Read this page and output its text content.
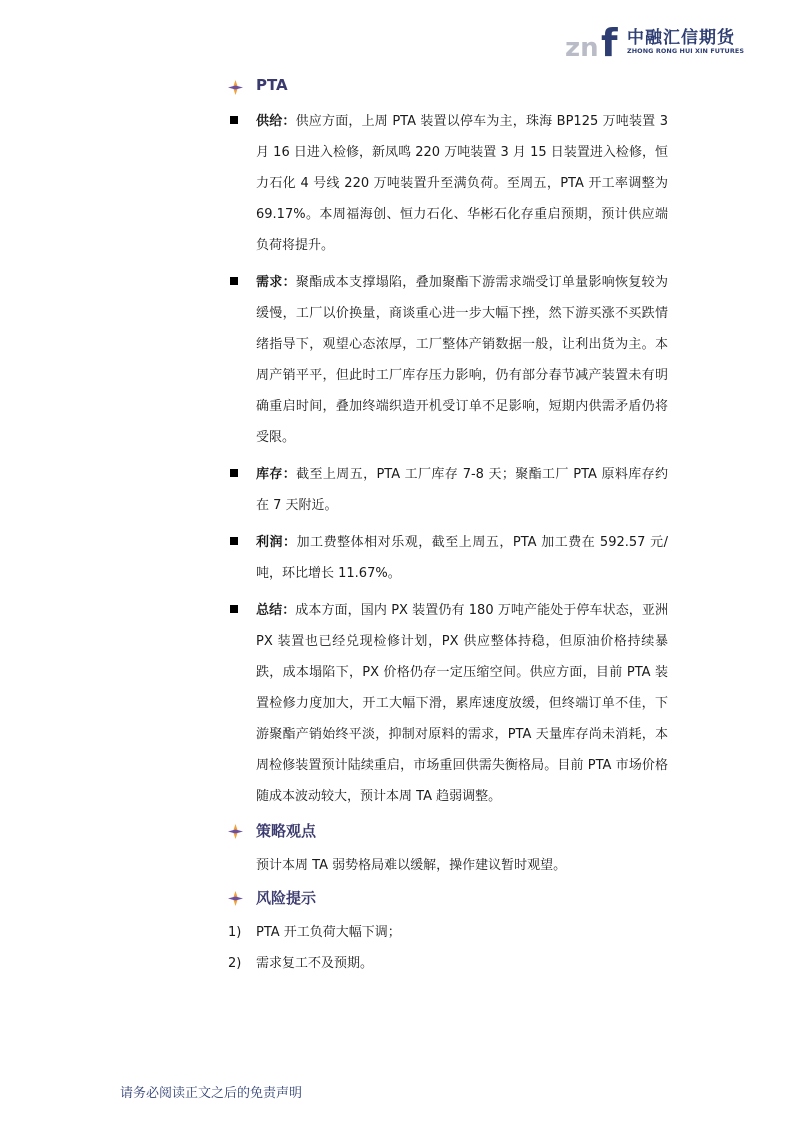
zn f 中融汇信期货
ZHONG RONG HUI XIN FUTURES
PTA

供给：供应方面，上周 PTA 装置以停车为主，珠海 BP125 万吨装置 3 月 16 日进入检修，新凤鸣 220 万吨装置 3 月 15 日装置进入检修，恒力石化 4 号线 220 万吨装置升至满负荷。至周五，PTA 开工率调整为 69.17%。本周福海创、恒力石化、华彬石化存重启预期，预计供应端负荷将提升。

需求：聚酯成本支撑塌陷，叠加聚酯下游需求端受订单量影响恢复较为缓慢，工厂以价换量，商谈重心进一步大幅下挫，然下游买涨不买跌情绪指导下，观望心态浓厚，工厂整体产销数据一般，让利出货为主。本周产销平平，但此时工厂库存压力影响，仍有部分春节减产装置未有明确重启时间，叠加终端织造开机受订单不足影响，短期内供需矛盾仍将受限。

库存：截至上周五，PTA 工厂库存 7-8 天；聚酯工厂 PTA 原料库存约在 7 天附近。

利润：加工费整体相对乐观，截至上周五，PTA 加工费在 592.57 元/吨，环比增长 11.67%。

总结：成本方面，国内 PX 装置仍有 180 万吨产能处于停车状态，亚洲 PX 装置也已经兑现检修计划，PX 供应整体持稳，但原油价格持续暴跌，成本塌陷下，PX 价格仍存一定压缩空间。供应方面，目前 PTA 装置检修力度加大，开工大幅下滑，累库速度放缓，但终端订单不佳，下游聚酯产销始终平淡，抑制对原料的需求，PTA 天量库存尚未消耗，本周检修装置预计陆续重启，市场重回供需失衡格局。目前 PTA 市场价格随成本波动较大，预计本周 TA 趋弱调整。

策略观点

预计本周 TA 弱势格局难以缓解，操作建议暂时观望。

风险提示

1) PTA 开工负荷大幅下调；

2) 需求复工不及预期。

请务必阅读正文之后的免责声明
